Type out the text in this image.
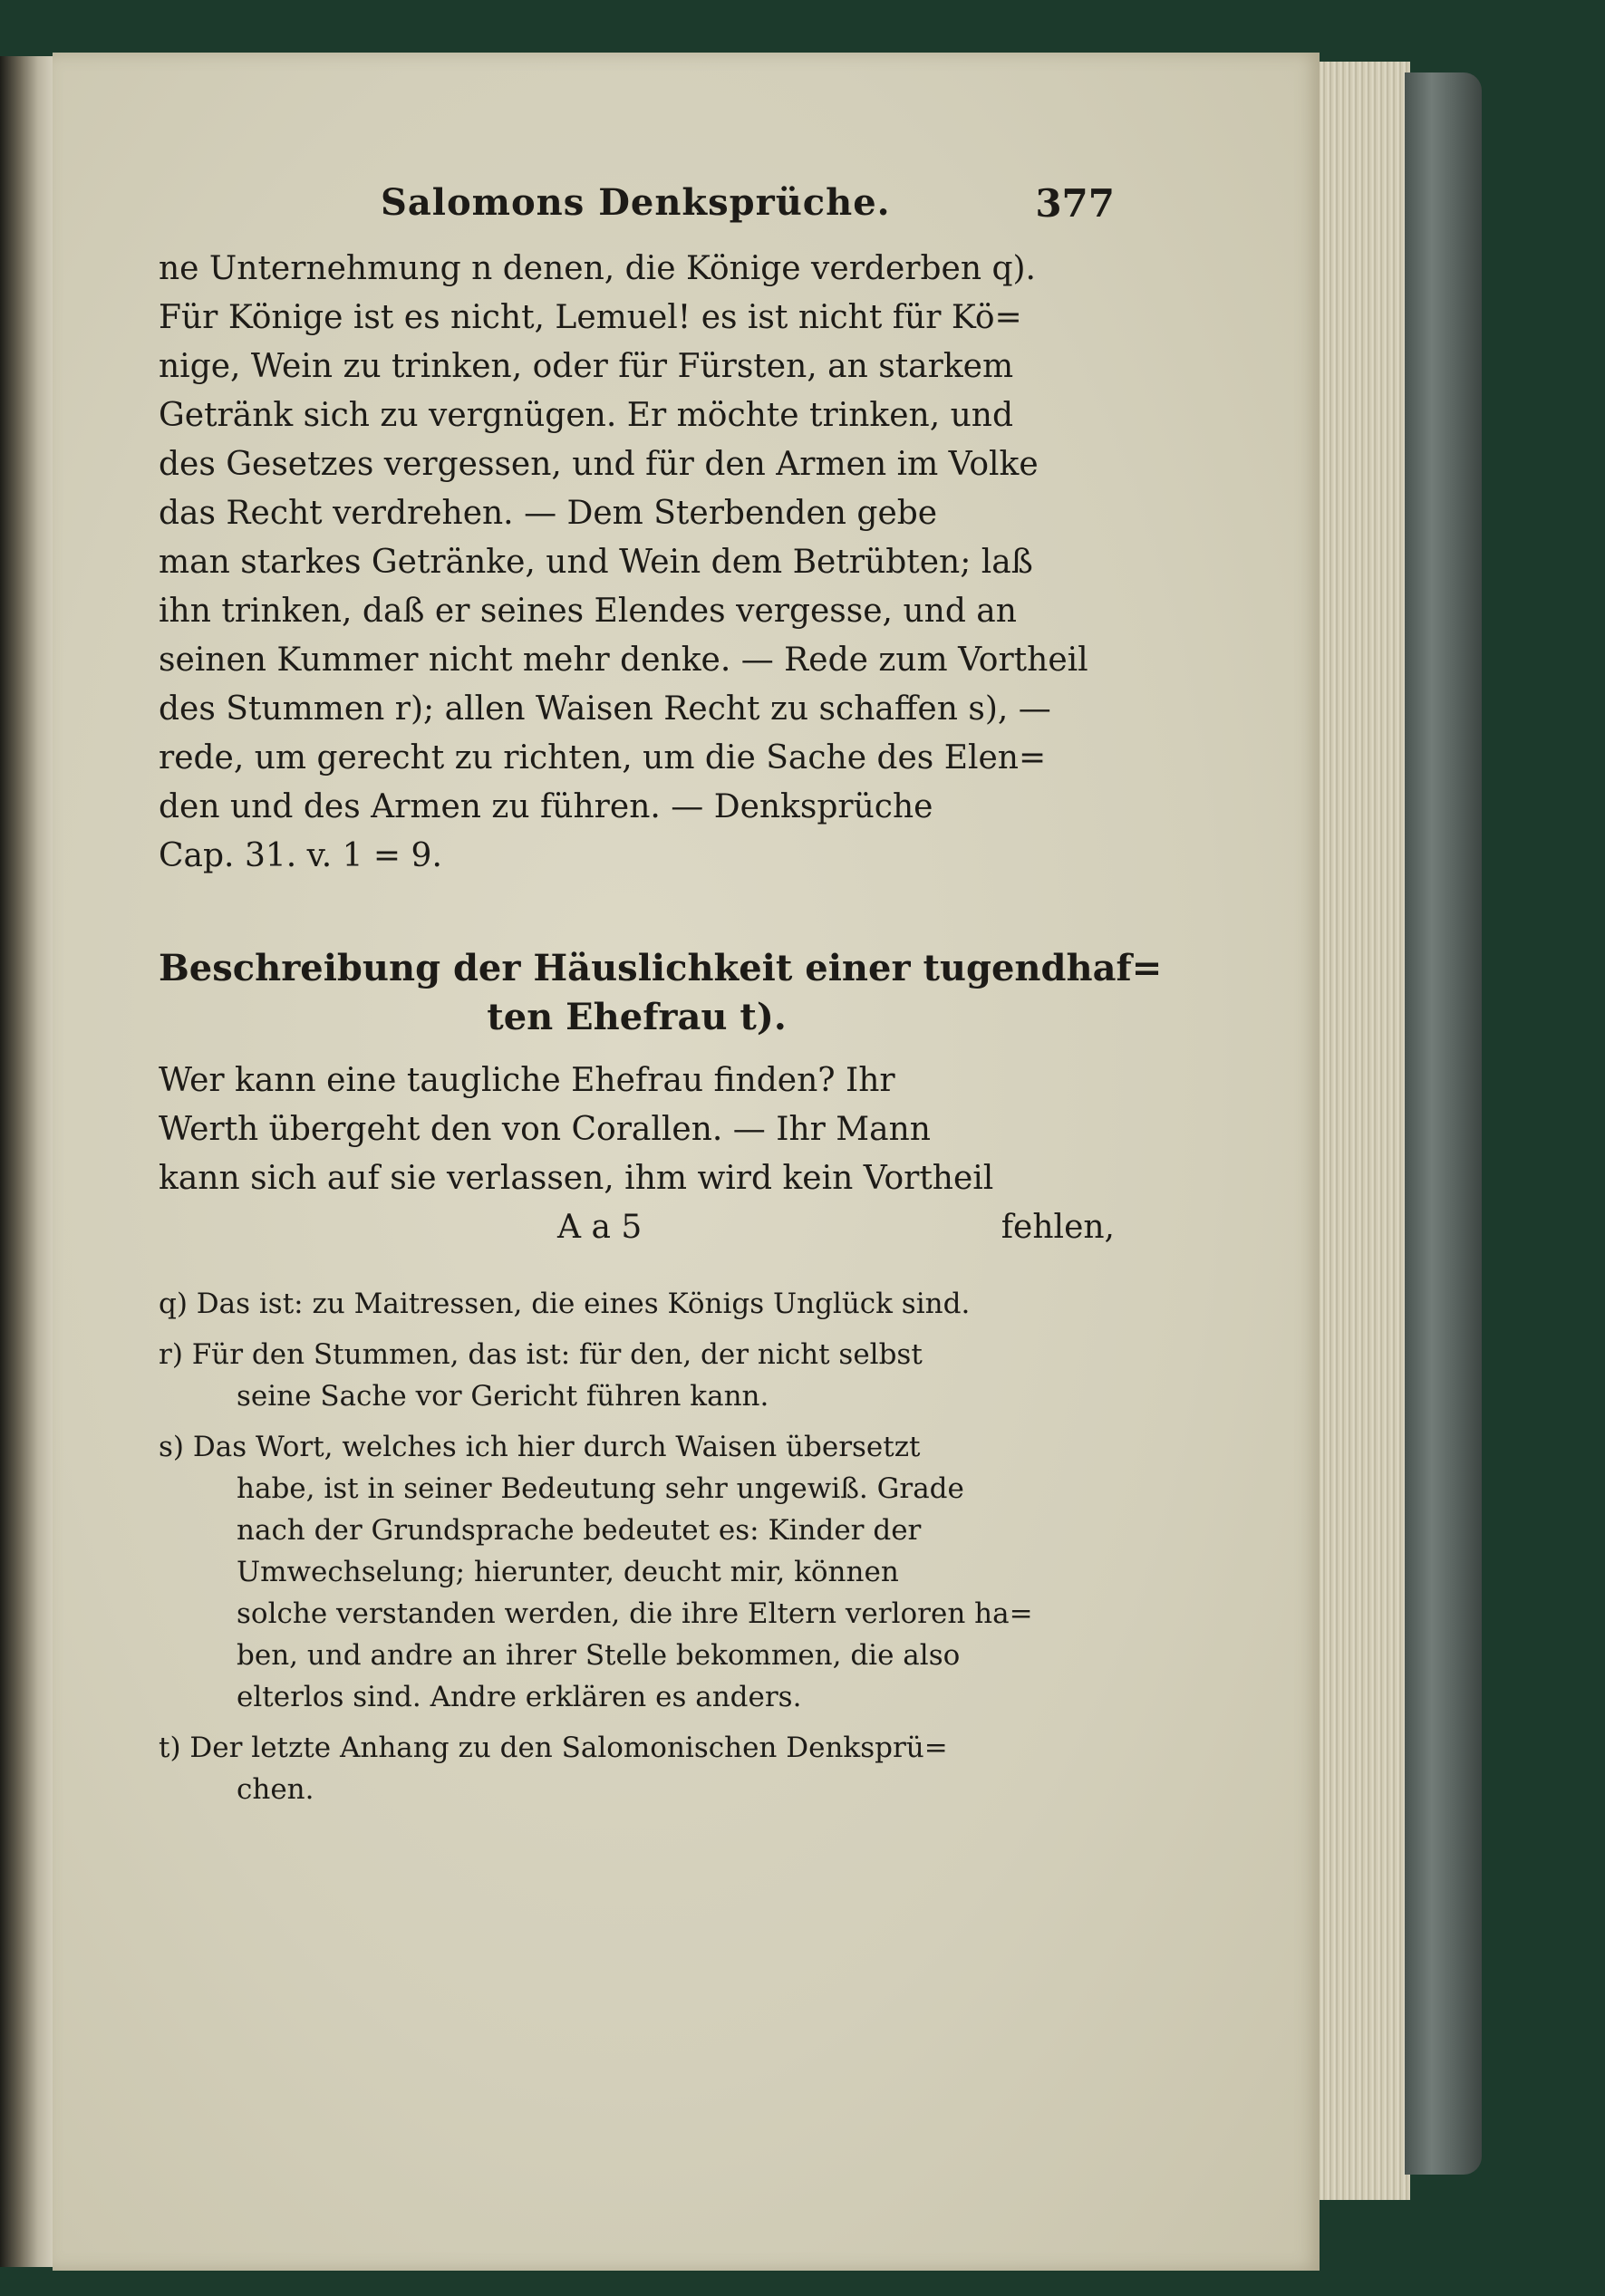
Salomons Denksprüche.	377

ne Unternehmung n denen, die Könige verderben q).
Für Könige ist es nicht, Lemuel! es ist nicht für Kö=
nige, Wein zu trinken, oder für Fürsten, an starkem
Getränk sich zu vergnügen. Er möchte trinken, und
des Gesetzes vergessen, und für den Armen im Volke
das Recht verdrehen. — Dem Sterbenden gebe
man starkes Getränke, und Wein dem Betrübten; laß
ihn trinken, daß er seines Elendes vergesse, und an
seinen Kummer nicht mehr denke. — Rede zum Vortheil
des Stummen r); allen Waisen Recht zu schaffen s), —
rede, um gerecht zu richten, um die Sache des Elen=
den und des Armen zu führen. — Denksprüche
Cap. 31. v. 1 = 9.

Beschreibung der Häuslichkeit einer tugendhaf=
ten Ehefrau t).

Wer kann eine taugliche Ehefrau finden? Ihr
Werth übergeht den von Corallen. — Ihr Mann
kann sich auf sie verlassen, ihm wird kein Vortheil

A a 5	fehlen,
q) Das ist: zu Maitressen, die eines Königs Unglück sind.
r) Für den Stummen, das ist: für den, der nicht selbst
seine Sache vor Gericht führen kann.
s) Das Wort, welches ich hier durch Waisen übersetzt
habe, ist in seiner Bedeutung sehr ungewiß. Grade
nach der Grundsprache bedeutet es: Kinder der
Umwechselung; hierunter, deucht mir, können
solche verstanden werden, die ihre Eltern verloren ha=
ben, und andre an ihrer Stelle bekommen, die also
elterlos sind. Andre erklären es anders.
t) Der letzte Anhang zu den Salomonischen Denksprü=
chen.
